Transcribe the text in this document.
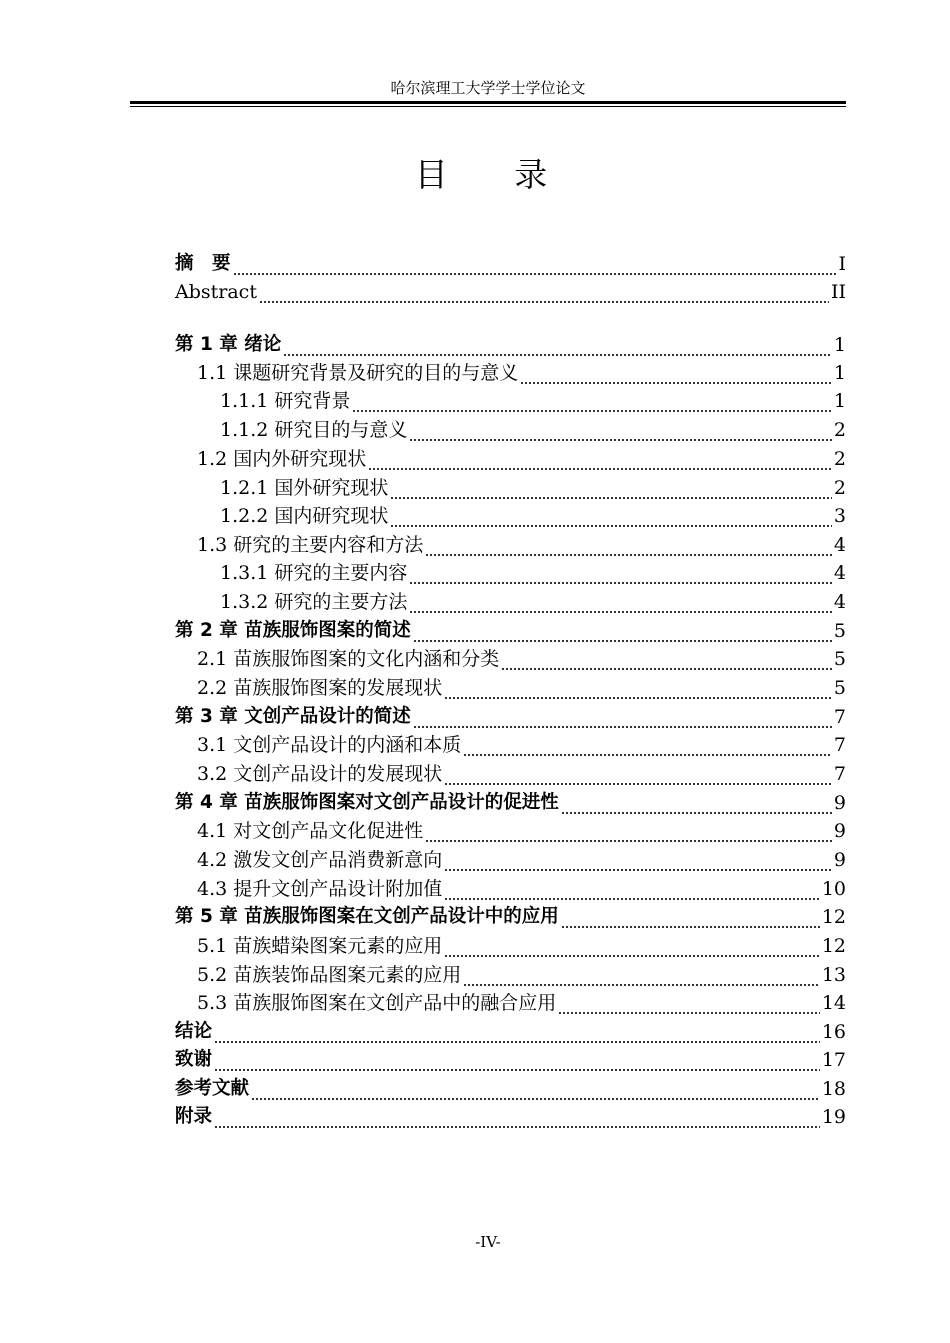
哈尔滨理工大学学士学位论文
目 录
摘　要	I
Abstract	II
第 1 章 绪论	1
1.1 课题研究背景及研究的目的与意义	1
1.1.1 研究背景	1
1.1.2 研究目的与意义	2
1.2 国内外研究现状	2
1.2.1 国外研究现状	2
1.2.2 国内研究现状	3
1.3 研究的主要内容和方法	4
1.3.1 研究的主要内容	4
1.3.2 研究的主要方法	4
第 2 章 苗族服饰图案的简述	5
2.1 苗族服饰图案的文化内涵和分类	5
2.2 苗族服饰图案的发展现状	5
第 3 章 文创产品设计的简述	7
3.1 文创产品设计的内涵和本质	7
3.2 文创产品设计的发展现状	7
第 4 章 苗族服饰图案对文创产品设计的促进性	9
4.1 对文创产品文化促进性	9
4.2 激发文创产品消费新意向	9
4.3 提升文创产品设计附加值	10
第 5 章 苗族服饰图案在文创产品设计中的应用	12
5.1 苗族蜡染图案元素的应用	12
5.2 苗族装饰品图案元素的应用	13
5.3 苗族服饰图案在文创产品中的融合应用	14
结论	16
致谢	17
参考文献	18
附录	19
-IV-
